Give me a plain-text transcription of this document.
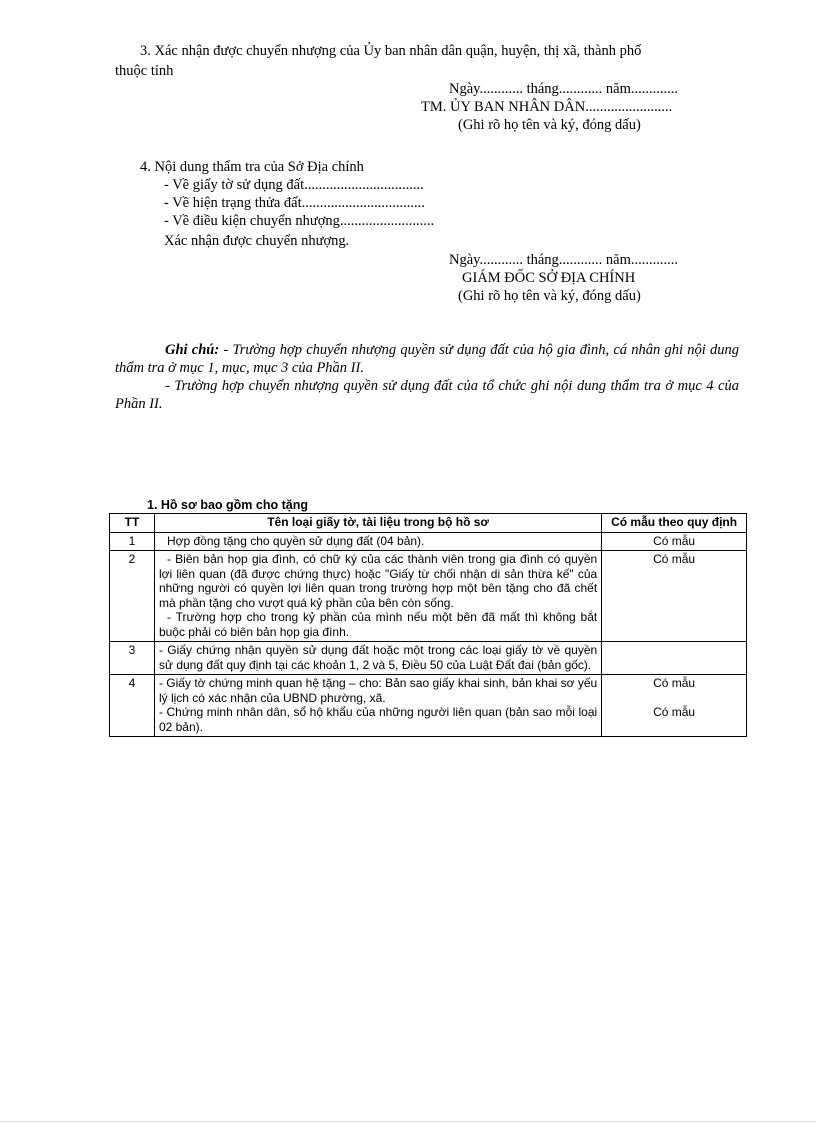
3. Xác nhận được chuyển nhượng của Ủy ban nhân dân quận, huyện, thị xã, thành phố
thuộc tỉnh
Ngày............ tháng............ năm.............
TM. ỦY BAN NHÂN DÂN........................
(Ghi rõ họ tên và ký, đóng dấu)
4. Nội dung thẩm tra của Sở Địa chính
- Về giấy tờ sử dụng đất.................................
- Về hiện trạng thửa đất..................................
- Về điều kiện chuyển nhượng..........................
Xác nhận được chuyển nhượng.
Ngày............ tháng............ năm.............
GIÁM ĐỐC SỞ ĐỊA CHÍNH
(Ghi rõ họ tên và ký, đóng dấu)
Ghi chú: - Trường hợp chuyển nhượng quyền sử dụng đất của hộ gia đình, cá nhân ghi nội dung thẩm tra ở mục 1, mục, mục 3 của Phần II.
- Trường hợp chuyển nhượng quyền sử dụng đất của tổ chức ghi nội dung thẩm tra ở mục 4 của Phần II.
1. Hồ sơ bao gồm cho tặng
TT	Tên loại giấy tờ, tài liệu trong bộ hồ sơ	Có mẫu theo quy định
1	Hợp đồng tặng cho quyền sử dụng đất (04 bản).	Có mẫu

2	- Biên bản họp gia đình, có chữ ký của các thành viên trong gia đình có quyền lợi liên quan (đã được chứng thực) hoặc "Giấy từ chối nhận di sản thừa kế" của những người có quyền lợi liên quan trong trường hợp một bên tặng cho đã chết mà phần tặng cho vượt quá kỷ phần của bên còn sống.
- Trường hợp cho trong kỷ phần của mình nếu một bên đã mất thì không bắt buộc phải có biên bản họp gia đình.	Có mẫu

3	- Giấy chứng nhận quyền sử dụng đất hoặc một trong các loại giấy tờ về quyền sử dụng đất quy định tại các khoản 1, 2 và 5, Điều 50 của Luật Đất đai (bản gốc).	

4	- Giấy tờ chứng minh quan hệ tặng – cho: Bản sao giấy khai sinh, bản khai sơ yếu lý lịch có xác nhận của UBND phường, xã.
- Chứng minh nhân dân, sổ hộ khẩu của những người liên quan (bản sao mỗi loại 02 bản).	Có mẫu
Có mẫu
